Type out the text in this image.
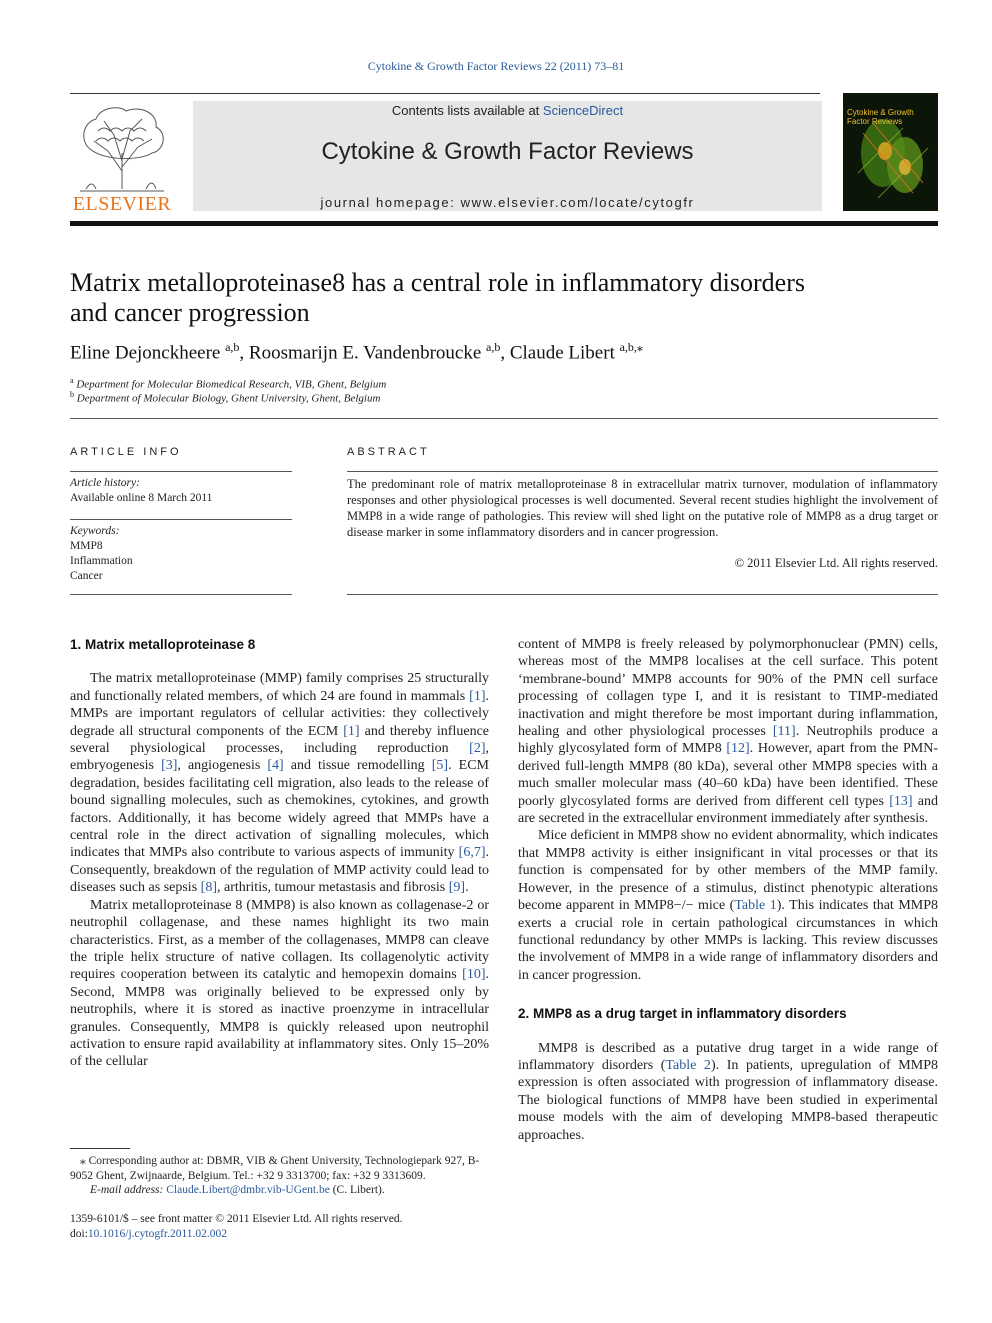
Cytokine & Growth Factor Reviews 22 (2011) 73–81
ELSEVIER
Contents lists available at ScienceDirect
Cytokine & Growth Factor Reviews
journal homepage: www.elsevier.com/locate/cytogfr
Cytokine & Growth Factor Reviews
Matrix metalloproteinase8 has a central role in inflammatory disorders
and cancer progression
Eline Dejonckheere $^{a,b}$, Roosmarijn E. Vandenbroucke $^{a,b}$, Claude Libert $^{a,b,⁎}$
$^a$ Department for Molecular Biomedical Research, VIB, Ghent, Belgium
$^b$ Department of Molecular Biology, Ghent University, Ghent, Belgium
ARTICLE INFO
Article history:
Available online 8 March 2011
Keywords:
MMP8
Inflammation
Cancer
ABSTRACT
The predominant role of matrix metalloproteinase 8 in extracellular matrix turnover, modulation of inflammatory responses and other physiological processes is well documented. Several recent studies highlight the involvement of MMP8 in a wide range of pathologies. This review will shed light on the putative role of MMP8 as a drug target or disease marker in some inflammatory disorders and in cancer progression.
© 2011 Elsevier Ltd. All rights reserved.
1. Matrix metalloproteinase 8

The matrix metalloproteinase (MMP) family comprises 25 structurally and functionally related members, of which 24 are found in mammals [1]. MMPs are important regulators of cellular activities: they collectively degrade all structural components of the ECM [1] and thereby influence several physiological processes, including reproduction [2], embryogenesis [3], angiogenesis [4] and tissue remodelling [5]. ECM degradation, besides facilitating cell migration, also leads to the release of bound signalling molecules, such as chemokines, cytokines, and growth factors. Additionally, it has become widely agreed that MMPs have a central role in the direct activation of signalling molecules, which indicates that MMPs also contribute to various aspects of immunity [6,7]. Consequently, breakdown of the regulation of MMP activity could lead to diseases such as sepsis [8], arthritis, tumour metastasis and fibrosis [9].

Matrix metalloproteinase 8 (MMP8) is also known as collagenase-2 or neutrophil collagenase, and these names highlight its two main characteristics. First, as a member of the collagenases, MMP8 can cleave the triple helix structure of native collagen. Its collagenolytic activity requires cooperation between its catalytic and hemopexin domains [10]. Second, MMP8 was originally believed to be expressed only by neutrophils, where it is stored as inactive proenzyme in intracellular granules. Consequently, MMP8 is quickly released upon neutrophil activation to ensure rapid availability at inflammatory sites. Only 15–20% of the cellular

content of MMP8 is freely released by polymorphonuclear (PMN) cells, whereas most of the MMP8 localises at the cell surface. This potent ‘membrane-bound’ MMP8 accounts for 90% of the PMN cell surface processing of collagen type I, and it is resistant to TIMP-mediated inactivation and might therefore be most important during inflammation, healing and other physiological processes [11]. Neutrophils produce a highly glycosylated form of MMP8 [12]. However, apart from the PMN-derived full-length MMP8 (80 kDa), several other MMP8 species with a much smaller molecular mass (40–60 kDa) have been identified. These poorly glycosylated forms are derived from different cell types [13] and are secreted in the extracellular environment immediately after synthesis.

Mice deficient in MMP8 show no evident abnormality, which indicates that MMP8 activity is either insignificant in vital processes or that its function is compensated for by other members of the MMP family. However, in the presence of a stimulus, distinct phenotypic alterations become apparent in MMP8−/− mice (Table 1). This indicates that MMP8 exerts a crucial role in certain pathological circumstances in which functional redundancy by other MMPs is lacking. This review discusses the involvement of MMP8 in a wide range of inflammatory disorders and in cancer progression.

2. MMP8 as a drug target in inflammatory disorders

MMP8 is described as a putative drug target in a wide range of inflammatory disorders (Table 2). In patients, upregulation of MMP8 expression is often associated with progression of inflammatory disease. The biological functions of MMP8 have been studied in experimental mouse models with the aim of developing MMP8-based therapeutic approaches.

⁎ Corresponding author at: DBMR, VIB & Ghent University, Technologiepark 927, B-9052 Ghent, Zwijnaarde, Belgium. Tel.: +32 9 3313700; fax: +32 9 3313609.
E-mail address: Claude.Libert@dmbr.vib-UGent.be (C. Libert).
1359-6101/$ – see front matter © 2011 Elsevier Ltd. All rights reserved.
doi:10.1016/j.cytogfr.2011.02.002
